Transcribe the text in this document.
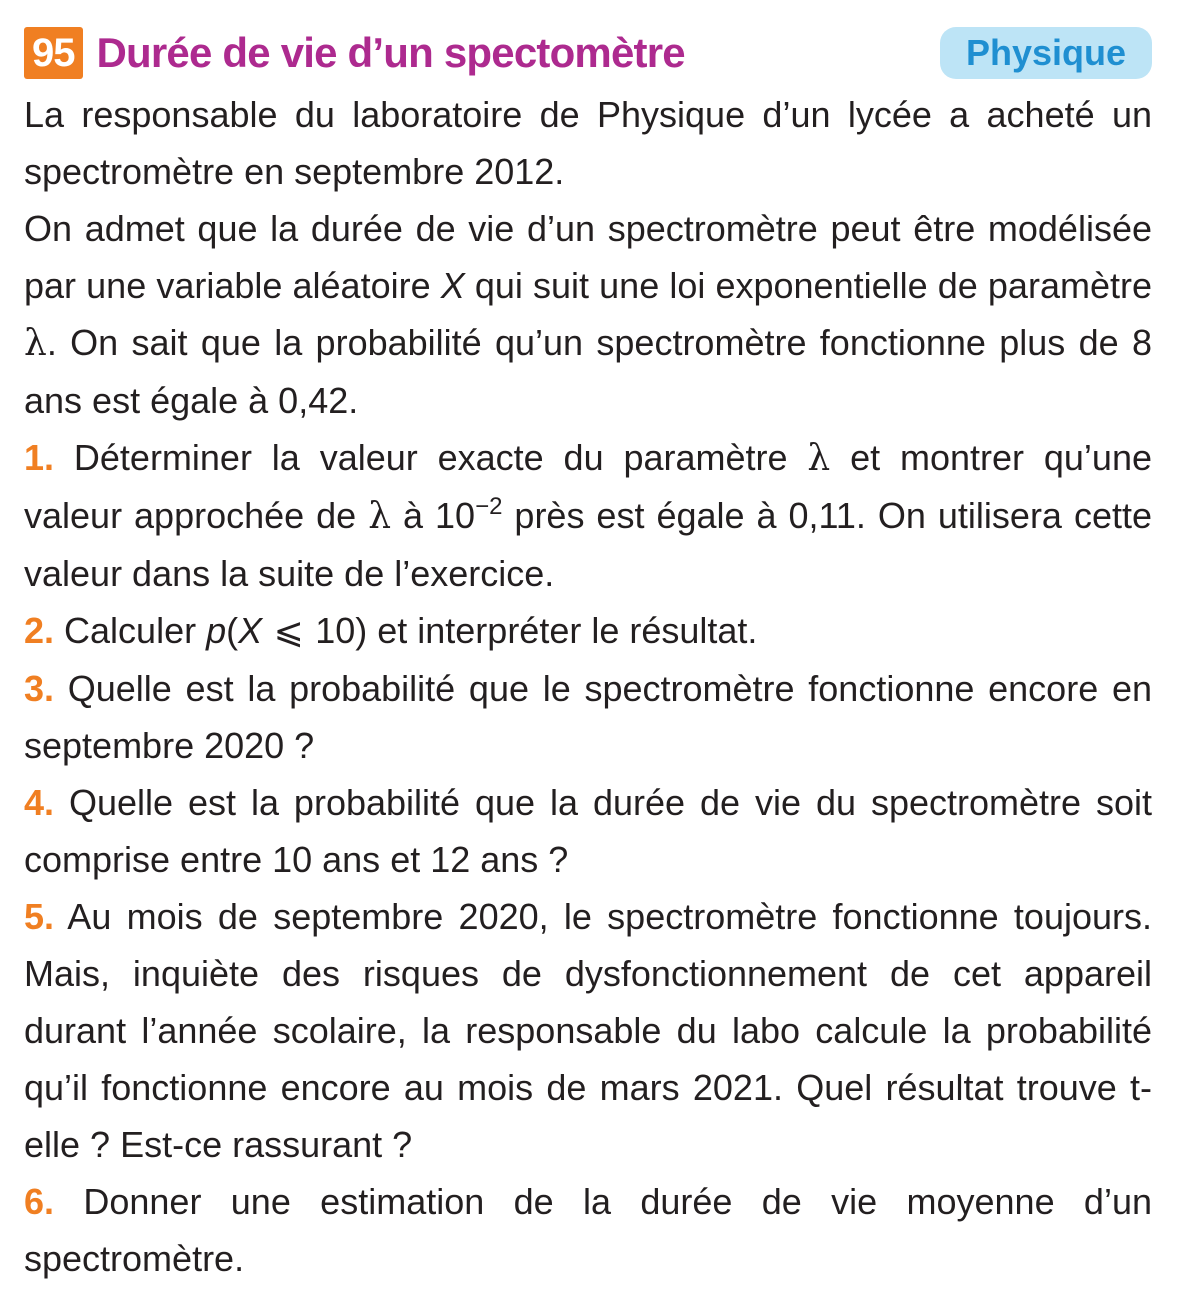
95 Durée de vie d’un spectomètre	Physique

La responsable du laboratoire de Physique d’un lycée a acheté un spectromètre en septembre 2012.

On admet que la durée de vie d’un spectromètre peut être modélisée par une variable aléatoire X qui suit une loi exponentielle de paramètre λ. On sait que la probabilité qu’un spectromètre fonctionne plus de 8 ans est égale à 0,42.

1. Déterminer la valeur exacte du paramètre λ et montrer qu’une valeur approchée de λ à $10^{-2}$ près est égale à 0,11. On utilisera cette valeur dans la suite de l’exercice.

2. Calculer p(X ⩽ 10) et interpréter le résultat.

3. Quelle est la probabilité que le spectromètre fonctionne encore en septembre 2020 ?

4. Quelle est la probabilité que la durée de vie du spectromètre soit comprise entre 10 ans et 12 ans ?

5. Au mois de septembre 2020, le spectromètre fonctionne toujours. Mais, inquiète des risques de dysfonctionnement de cet appareil durant l’année scolaire, la responsable du labo calcule la probabilité qu’il fonctionne encore au mois de mars 2021. Quel résultat trouve t-elle ? Est-ce rassurant ?

6. Donner une estimation de la durée de vie moyenne d’un spectromètre.
